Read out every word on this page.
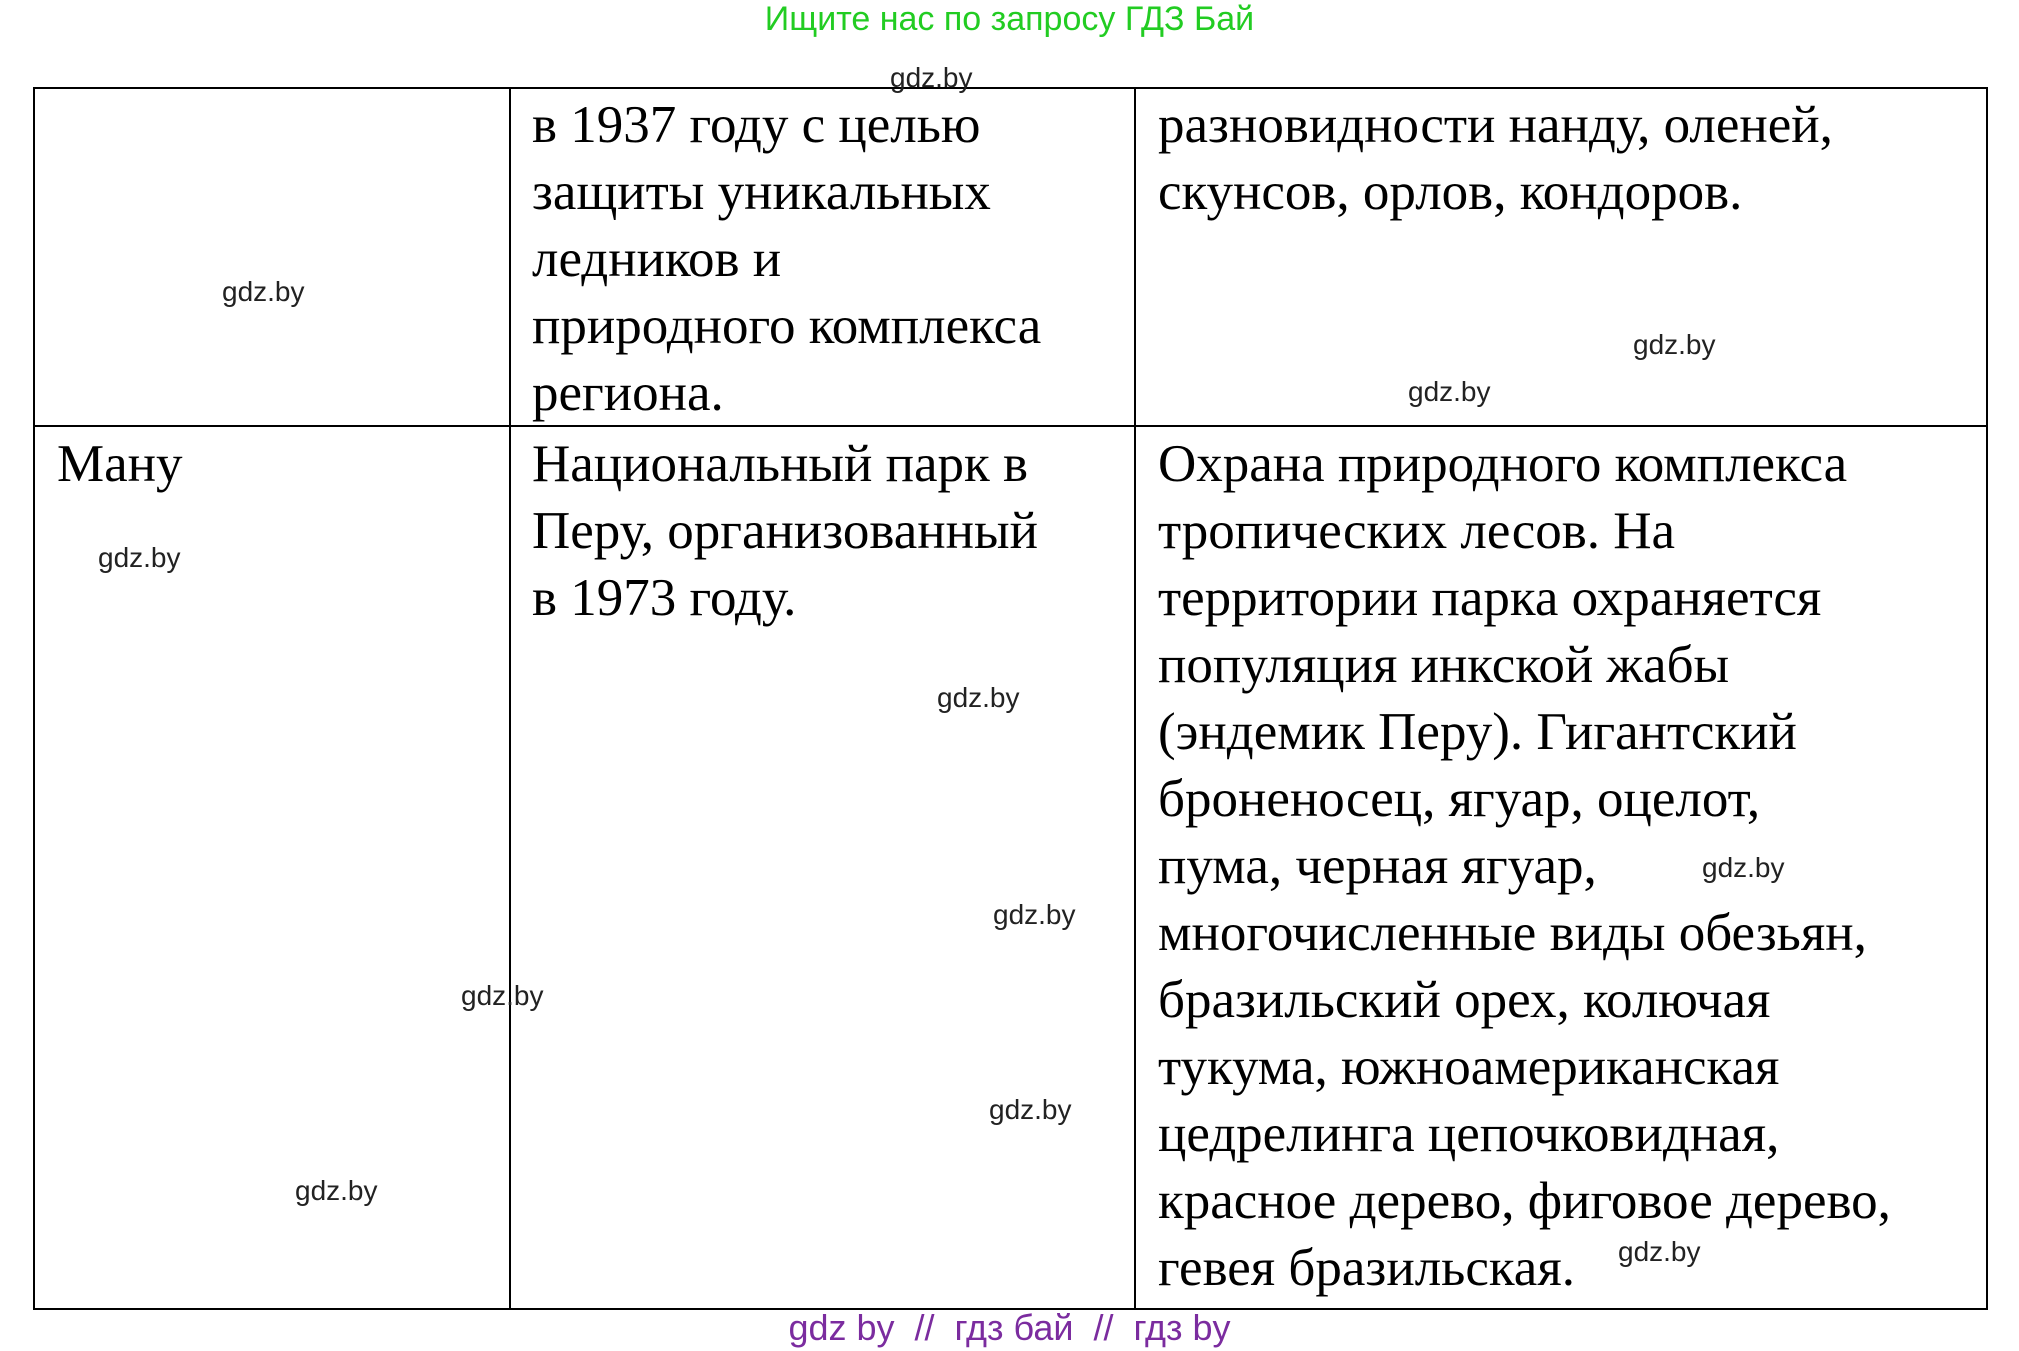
Ищите нас по запросу ГДЗ Бай
в 1937 году с целью
защиты уникальных
ледников и
природного комплекса
региона.
разновидности нанду, оленей,
скунсов, орлов, кондоров.
Ману	Национальный парк в
Перу, организованный
в 1973 году.
Охрана природного комплекса
тропических лесов. На
территории парка охраняется
популяция инкской жабы
(эндемик Перу). Гигантский
броненосец, ягуар, оцелот,
пума, черная ягуар,
многочисленные виды обезьян,
бразильский орех, колючая
тукума, южноамериканская
цедрелинга цепочковидная,
красное дерево, фиговое дерево,
гевея бразильская.
gdz.by
gdz.by
gdz.by
gdz.by
gdz.by
gdz.by
gdz.by
gdz.by
gdz.by
gdz.by
gdz.by
gdz.by
gdz by  //  гдз бай  //  гдз by
